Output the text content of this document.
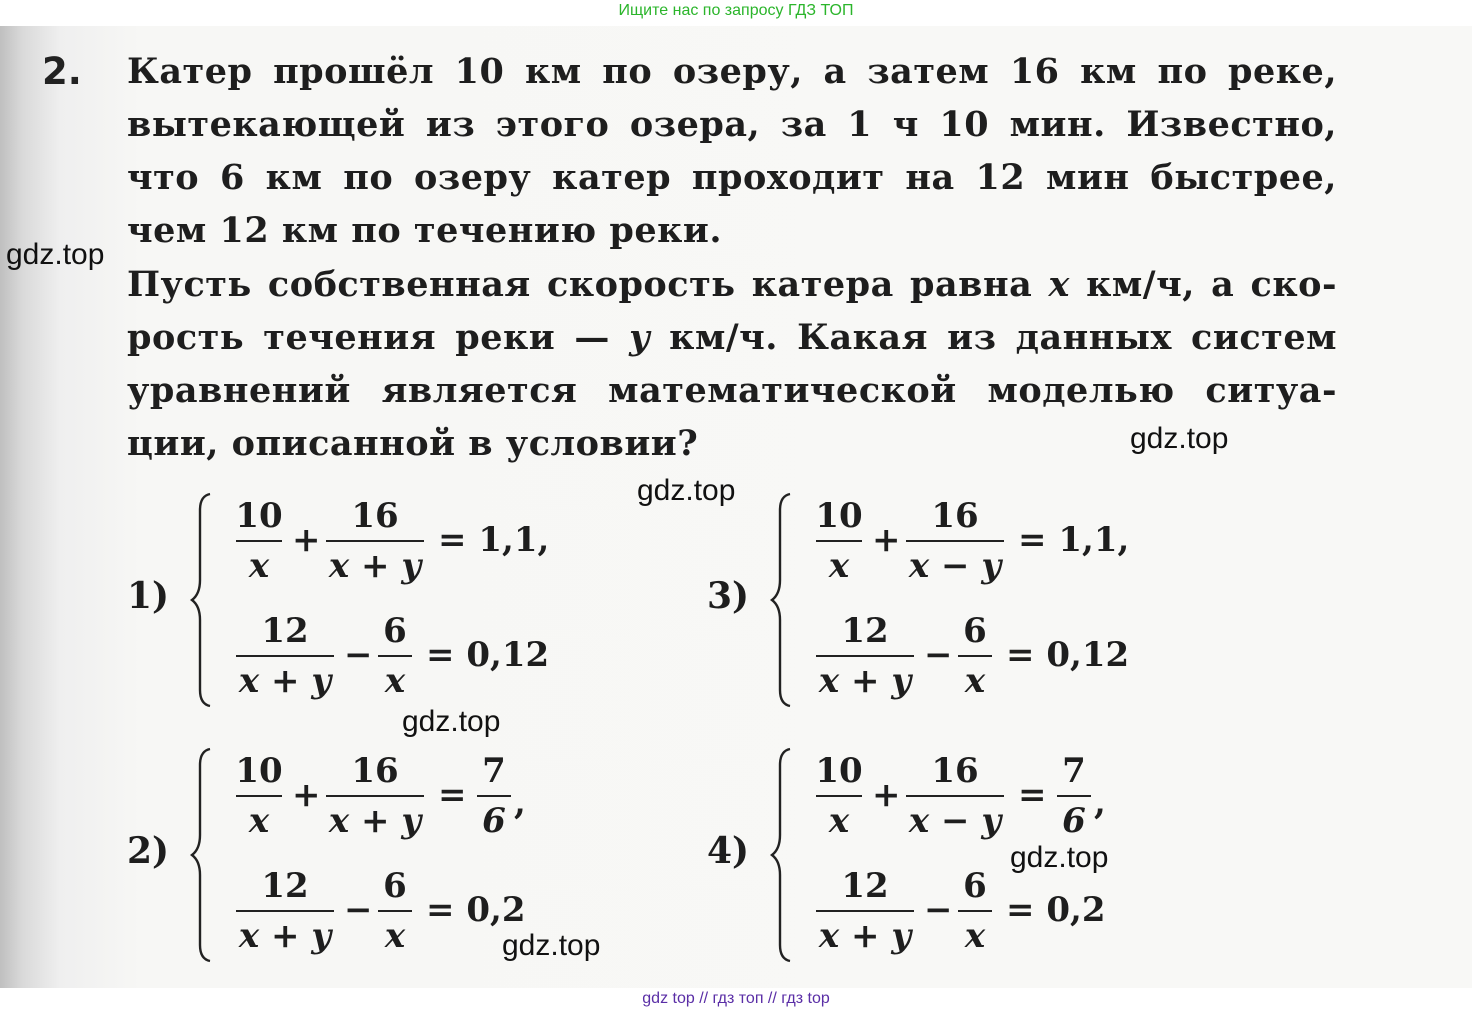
Ищите нас по запросу ГДЗ ТОП
2. Катер прошёл 10 км по озеру, а затем 16 км по реке,
вытекающей из этого озера, за 1 ч 10 мин. Известно,
что 6 км по озеру катер проходит на 12 мин быстрее,
чем 12 км по течению реки.
Пусть собственная скорость катера равна x км/ч, а ско-
рость течения реки — y км/ч. Какая из данных систем
уравнений является математической моделью ситуа-
ции, описанной в условии?
1)
10
x
+
16
x + y
= 1,1,
12
x + y
−
6
x
= 0,12
2)
10
x
+
16
x + y
=
7
6 ,
12
x + y
−
6
x
= 0,2
3)
10
x
+
16
x − y
= 1,1,
12
x + y
−
6
x
= 0,12
4)
10
x
+
16
x − y
=
7
6 ,
12
x + y
−
6
x
= 0,2
gdz.top
gdz.top
gdz.top
gdz.top
gdz.top
gdz.top
gdz top // гдз топ // гдз top
